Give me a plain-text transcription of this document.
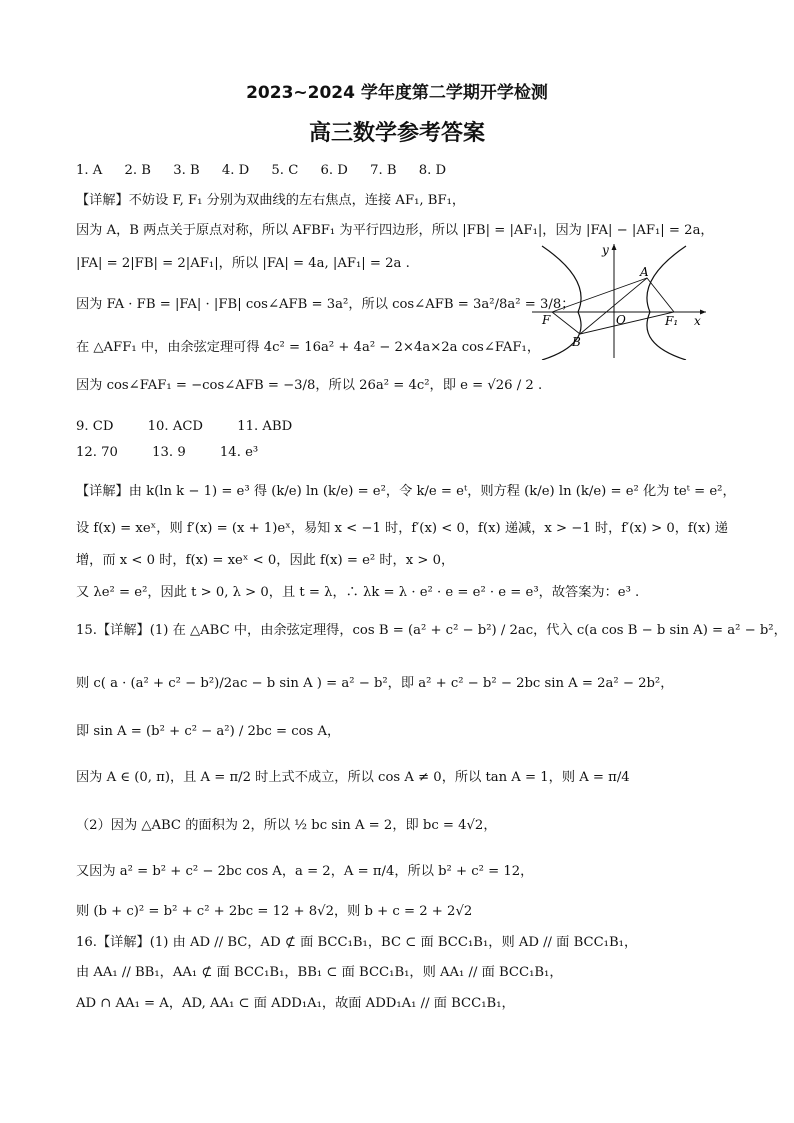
2023~2024 学年度第二学期开学检测
高三数学参考答案
1. A 2. B 3. B 4. D 5. C 6. D 7. B 8. D
【详解】不妨设 F, F₁ 分别为双曲线的左右焦点，连接 AF₁, BF₁，
因为 A，B 两点关于原点对称，所以 AFBF₁ 为平行四边形，所以 |FB| = |AF₁|，因为 |FA| − |AF₁| = 2a，
|FA| = 2|FB| = 2|AF₁|，所以 |FA| = 4a, |AF₁| = 2a .
因为 FA · FB = |FA| · |FB| cos∠AFB = 3a²，所以 cos∠AFB = 3a²/8a² = 3/8；
在 △AFF₁ 中，由余弦定理可得 4c² = 16a² + 4a² − 2×4a×2a cos∠FAF₁，
因为 cos∠FAF₁ = −cos∠AFB = −3/8，所以 26a² = 4c²，即 e = √26 / 2 .
y
x
A
B
F	O	F₁
9. CD	10. ACD	11. ABD
12. 70	13. 9	14. e³
【详解】由 k(ln k − 1) = e³ 得 (k/e) ln (k/e) = e²，令 k/e = eᵗ，则方程 (k/e) ln (k/e) = e² 化为 teᵗ = e²，
设 f(x) = xeˣ，则 f′(x) = (x + 1)eˣ，易知 x < −1 时，f′(x) < 0，f(x) 递减，x > −1 时，f′(x) > 0，f(x) 递
增，而 x < 0 时，f(x) = xeˣ < 0，因此 f(x) = e² 时，x > 0，
又 λe² = e²，因此 t > 0, λ > 0，且 t = λ，∴ λk = λ · e² · e = e² · e = e³，故答案为：e³ .
15.【详解】(1) 在 △ABC 中，由余弦定理得，cos B = (a² + c² − b²) / 2ac，代入 c(a cos B − b sin A) = a² − b²，
则 c( a · (a² + c² − b²)/2ac − b sin A ) = a² − b²，即 a² + c² − b² − 2bc sin A = 2a² − 2b²，
即 sin A = (b² + c² − a²) / 2bc = cos A，
因为 A ∈ (0, π)，且 A = π/2 时上式不成立，所以 cos A ≠ 0，所以 tan A = 1，则 A = π/4
（2）因为 △ABC 的面积为 2，所以 ½ bc sin A = 2，即 bc = 4√2，
又因为 a² = b² + c² − 2bc cos A，a = 2，A = π/4，所以 b² + c² = 12，
则 (b + c)² = b² + c² + 2bc = 12 + 8√2，则 b + c = 2 + 2√2
16.【详解】(1) 由 AD // BC，AD ⊄ 面 BCC₁B₁，BC ⊂ 面 BCC₁B₁，则 AD // 面 BCC₁B₁，
由 AA₁ // BB₁，AA₁ ⊄ 面 BCC₁B₁，BB₁ ⊂ 面 BCC₁B₁，则 AA₁ // 面 BCC₁B₁，
AD ∩ AA₁ = A，AD, AA₁ ⊂ 面 ADD₁A₁，故面 ADD₁A₁ // 面 BCC₁B₁，
